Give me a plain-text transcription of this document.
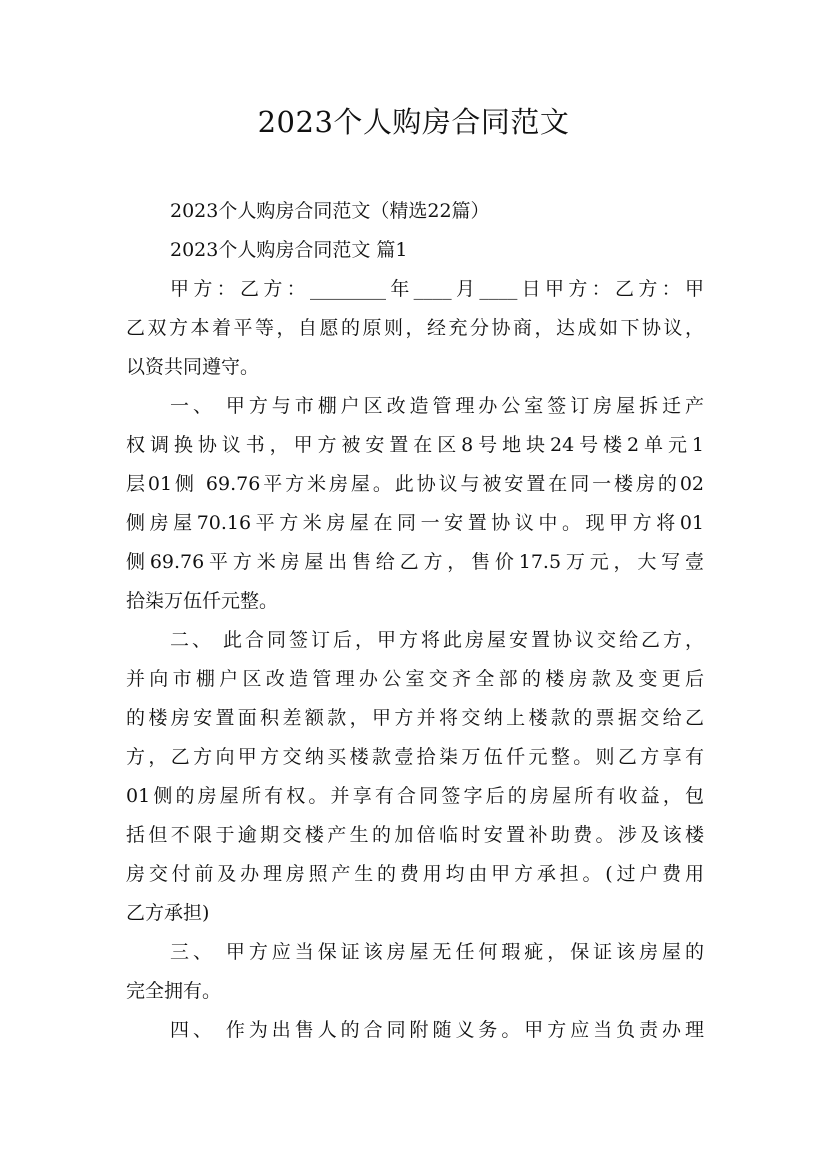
2023个人购房合同范文
2023个人购房合同范文（精选22篇）
2023个人购房合同范文 篇1
甲方：乙方：________年____月____日甲方：乙方：甲
乙双方本着平等，自愿的原则，经充分协商，达成如下协议，
以资共同遵守。
一、 甲方与市棚户区改造管理办公室签订房屋拆迁产
权调换协议书，甲方被安置在区8号地块24号楼2单元1
层01侧 69.76平方米房屋。此协议与被安置在同一楼房的02
侧房屋70.16平方米房屋在同一安置协议中。现甲方将01
侧69.76平方米房屋出售给乙方，售价17.5万元，大写壹
拾柒万伍仟元整。
二、 此合同签订后，甲方将此房屋安置协议交给乙方，
并向市棚户区改造管理办公室交齐全部的楼房款及变更后
的楼房安置面积差额款，甲方并将交纳上楼款的票据交给乙
方，乙方向甲方交纳买楼款壹拾柒万伍仟元整。则乙方享有
01侧的房屋所有权。并享有合同签字后的房屋所有收益，包
括但不限于逾期交楼产生的加倍临时安置补助费。涉及该楼
房交付前及办理房照产生的费用均由甲方承担。(过户费用
乙方承担)
三、 甲方应当保证该房屋无任何瑕疵，保证该房屋的
完全拥有。
四、 作为出售人的合同附随义务。甲方应当负责办理
